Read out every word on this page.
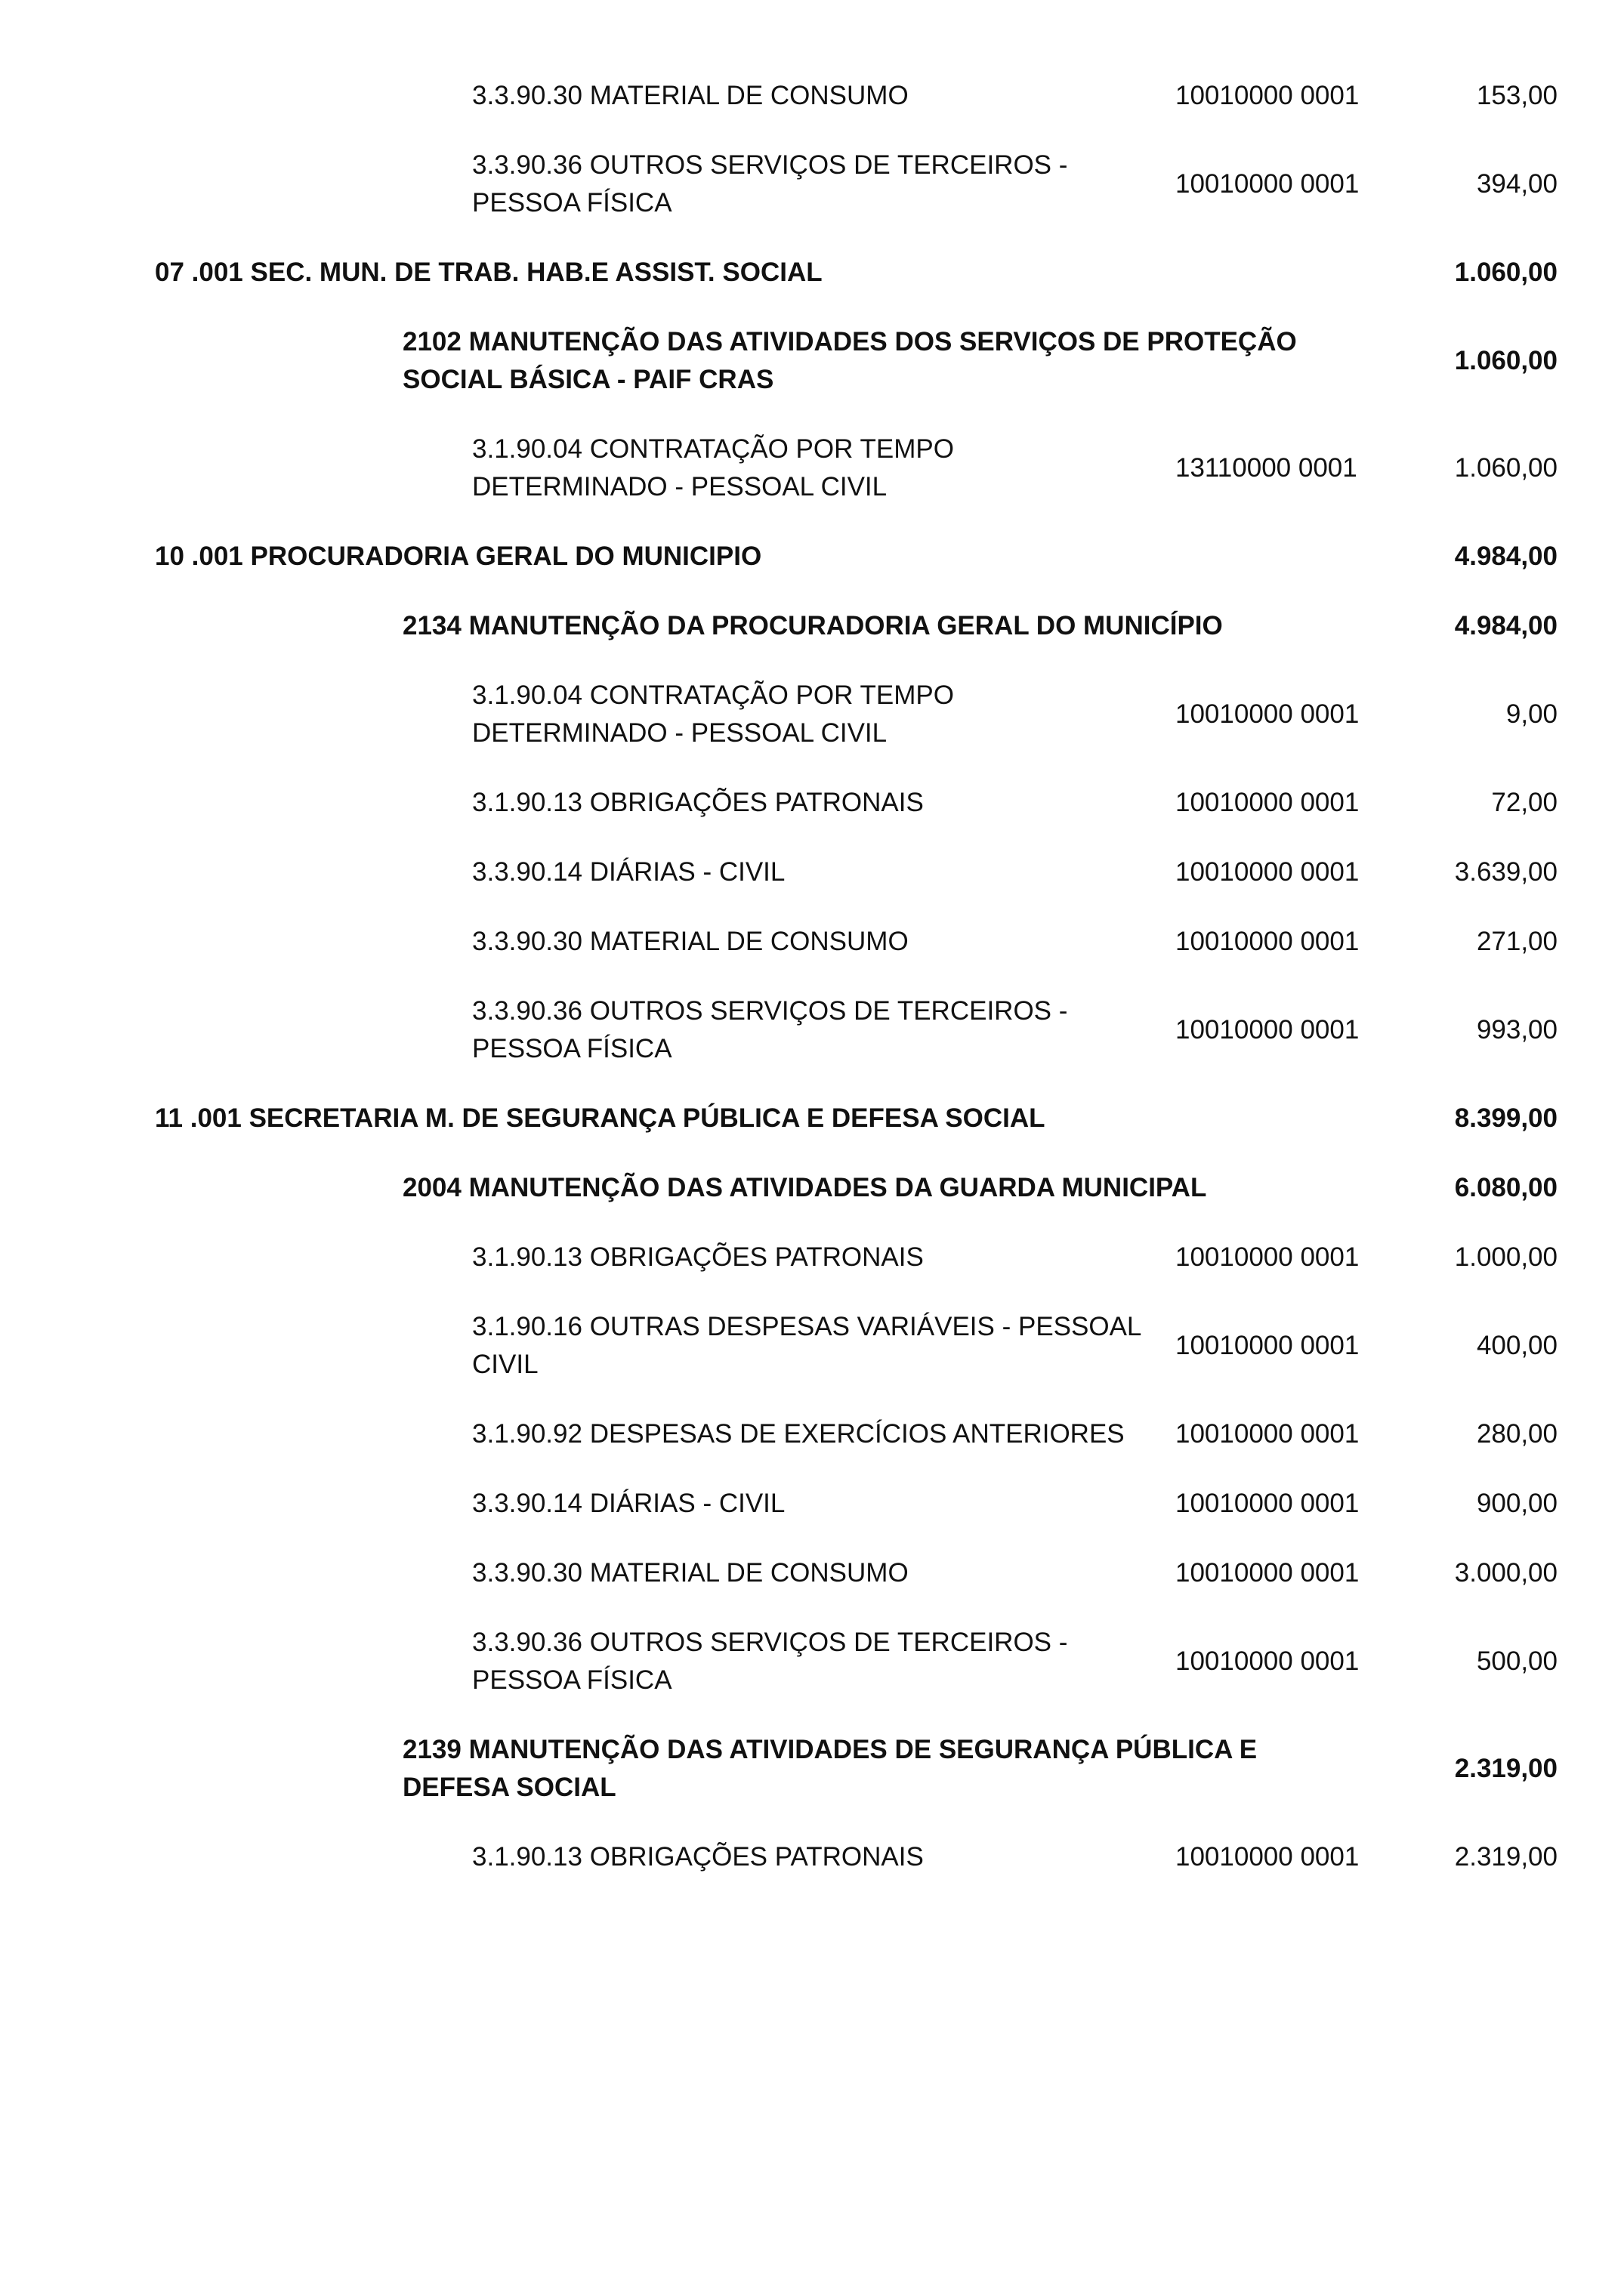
3.3.90.30 MATERIAL DE CONSUMO	10010000 0001	153,00
3.3.90.36 OUTROS SERVIÇOS DE TERCEIROS -
PESSOA FÍSICA
10010000 0001	394,00
07 .001 SEC. MUN. DE TRAB. HAB.E ASSIST. SOCIAL	1.060,00
2102 MANUTENÇÃO DAS ATIVIDADES DOS SERVIÇOS DE PROTEÇÃO
SOCIAL BÁSICA - PAIF CRAS
1.060,00
3.1.90.04 CONTRATAÇÃO POR TEMPO
DETERMINADO - PESSOAL CIVIL
13110000 0001	1.060,00
10 .001 PROCURADORIA GERAL DO MUNICIPIO	4.984,00
2134 MANUTENÇÃO DA PROCURADORIA GERAL DO MUNICÍPIO	4.984,00
3.1.90.04 CONTRATAÇÃO POR TEMPO
DETERMINADO - PESSOAL CIVIL
10010000 0001	9,00
3.1.90.13 OBRIGAÇÕES PATRONAIS	10010000 0001	72,00
3.3.90.14 DIÁRIAS - CIVIL	10010000 0001	3.639,00
3.3.90.30 MATERIAL DE CONSUMO	10010000 0001	271,00
3.3.90.36 OUTROS SERVIÇOS DE TERCEIROS -
PESSOA FÍSICA
10010000 0001	993,00
11 .001 SECRETARIA M. DE SEGURANÇA PÚBLICA E DEFESA SOCIAL	8.399,00
2004 MANUTENÇÃO DAS ATIVIDADES DA GUARDA MUNICIPAL	6.080,00
3.1.90.13 OBRIGAÇÕES PATRONAIS	10010000 0001	1.000,00
3.1.90.16 OUTRAS DESPESAS VARIÁVEIS - PESSOAL
CIVIL
10010000 0001	400,00
3.1.90.92 DESPESAS DE EXERCÍCIOS ANTERIORES 10010000 0001	280,00
3.3.90.14 DIÁRIAS - CIVIL	10010000 0001	900,00
3.3.90.30 MATERIAL DE CONSUMO	10010000 0001	3.000,00
3.3.90.36 OUTROS SERVIÇOS DE TERCEIROS -
PESSOA FÍSICA
10010000 0001	500,00
2139 MANUTENÇÃO DAS ATIVIDADES DE SEGURANÇA PÚBLICA E
DEFESA SOCIAL
2.319,00
3.1.90.13 OBRIGAÇÕES PATRONAIS	10010000 0001	2.319,00
